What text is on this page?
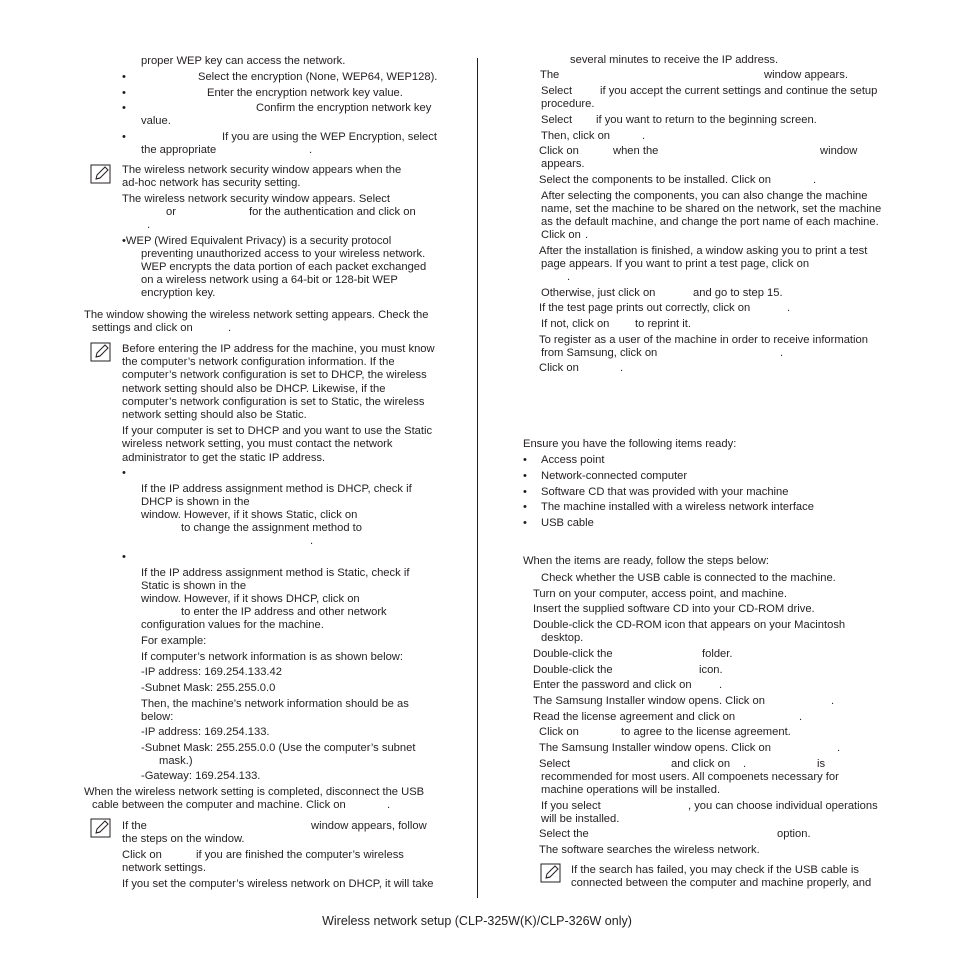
proper WEP key can access the network.
•	Select the encryption (None, WEP64, WEP128).
•	Enter the encryption network key value.
•	Confirm the encryption network key
value.
•	If you are using the WEP Encryption, select
the appropriate	.
The wireless network security window appears when the
ad-hoc network has security setting.
The wireless network security window appears. Select
or	for the authentication and click on
.
•WEP (Wired Equivalent Privacy) is a security protocol
preventing unauthorized access to your wireless network.
WEP encrypts the data portion of each packet exchanged
on a wireless network using a 64-bit or 128-bit WEP
encryption key.
The window showing the wireless network setting appears. Check the
settings and click on	.
Before entering the IP address for the machine, you must know
the computer’s network configuration information. If the
computer’s network configuration is set to DHCP, the wireless
network setting should also be DHCP. Likewise, if the
computer’s network configuration is set to Static, the wireless
network setting should also be Static.
If your computer is set to DHCP and you want to use the Static
wireless network setting, you must contact the network
administrator to get the static IP address.
•
If the IP address assignment method is DHCP, check if
DHCP is shown in the
window. However, if it shows Static, click on
to change the assignment method to
.
•
If the IP address assignment method is Static, check if
Static is shown in the
window. However, if it shows DHCP, click on
to enter the IP address and other network
configuration values for the machine.
For example:
If computer’s network information is as shown below:
-IP address: 169.254.133.42
-Subnet Mask: 255.255.0.0
Then, the machine’s network information should be as
below:
-IP address: 169.254.133.
-Subnet Mask: 255.255.0.0 (Use the computer’s subnet
mask.)
-Gateway: 169.254.133.
When the wireless network setting is completed, disconnect the USB
cable between the computer and machine. Click on	.
If the	window appears, follow
the steps on the window.
Click on	if you are finished the computer’s wireless
network settings.
If you set the computer’s wireless network on DHCP, it will take
several minutes to receive the IP address.
The	window appears.
Select if you accept the current settings and continue the setup
procedure.
Select if you want to return to the beginning screen.
Then, click on	.
Click on	when the	window
appears.
Select the components to be installed. Click on	.
After selecting the components, you can also change the machine
name, set the machine to be shared on the network, set the machine
as the default machine, and change the port name of each machine.
Click on .
After the installation is finished, a window asking you to print a test
page appears. If you want to print a test page, click on
.
Otherwise, just click on	and go to step 15.
If the test page prints out correctly, click on	.
If not, click on to reprint it.
To register as a user of the machine in order to receive information
from Samsung, click on	.
Click on	.
Ensure you have the following items ready:
• Access point
• Network-connected computer
• Software CD that was provided with your machine
• The machine installed with a wireless network interface
• USB cable
When the items are ready, follow the steps below:
Check whether the USB cable is connected to the machine.
Turn on your computer, access point, and machine.
Insert the supplied software CD into your CD-ROM drive.
Double-click the CD-ROM icon that appears on your Macintosh
desktop.
Double-click the	folder.
Double-click the	icon.
Enter the password and click on .
The Samsung Installer window opens. Click on	.
Read the license agreement and click on	.
Click on	to agree to the license agreement.
The Samsung Installer window opens. Click on	.
Select	and click on .	is
recommended for most users. All compoenets necessary for
machine operations will be installed.
If you select	, you can choose individual operations
will be installed.
Select the	option.
The software searches the wireless network.
If the search has failed, you may check if the USB cable is
connected between the computer and machine properly, and
Wireless network setup (CLP-325W(K)/CLP-326W only)
